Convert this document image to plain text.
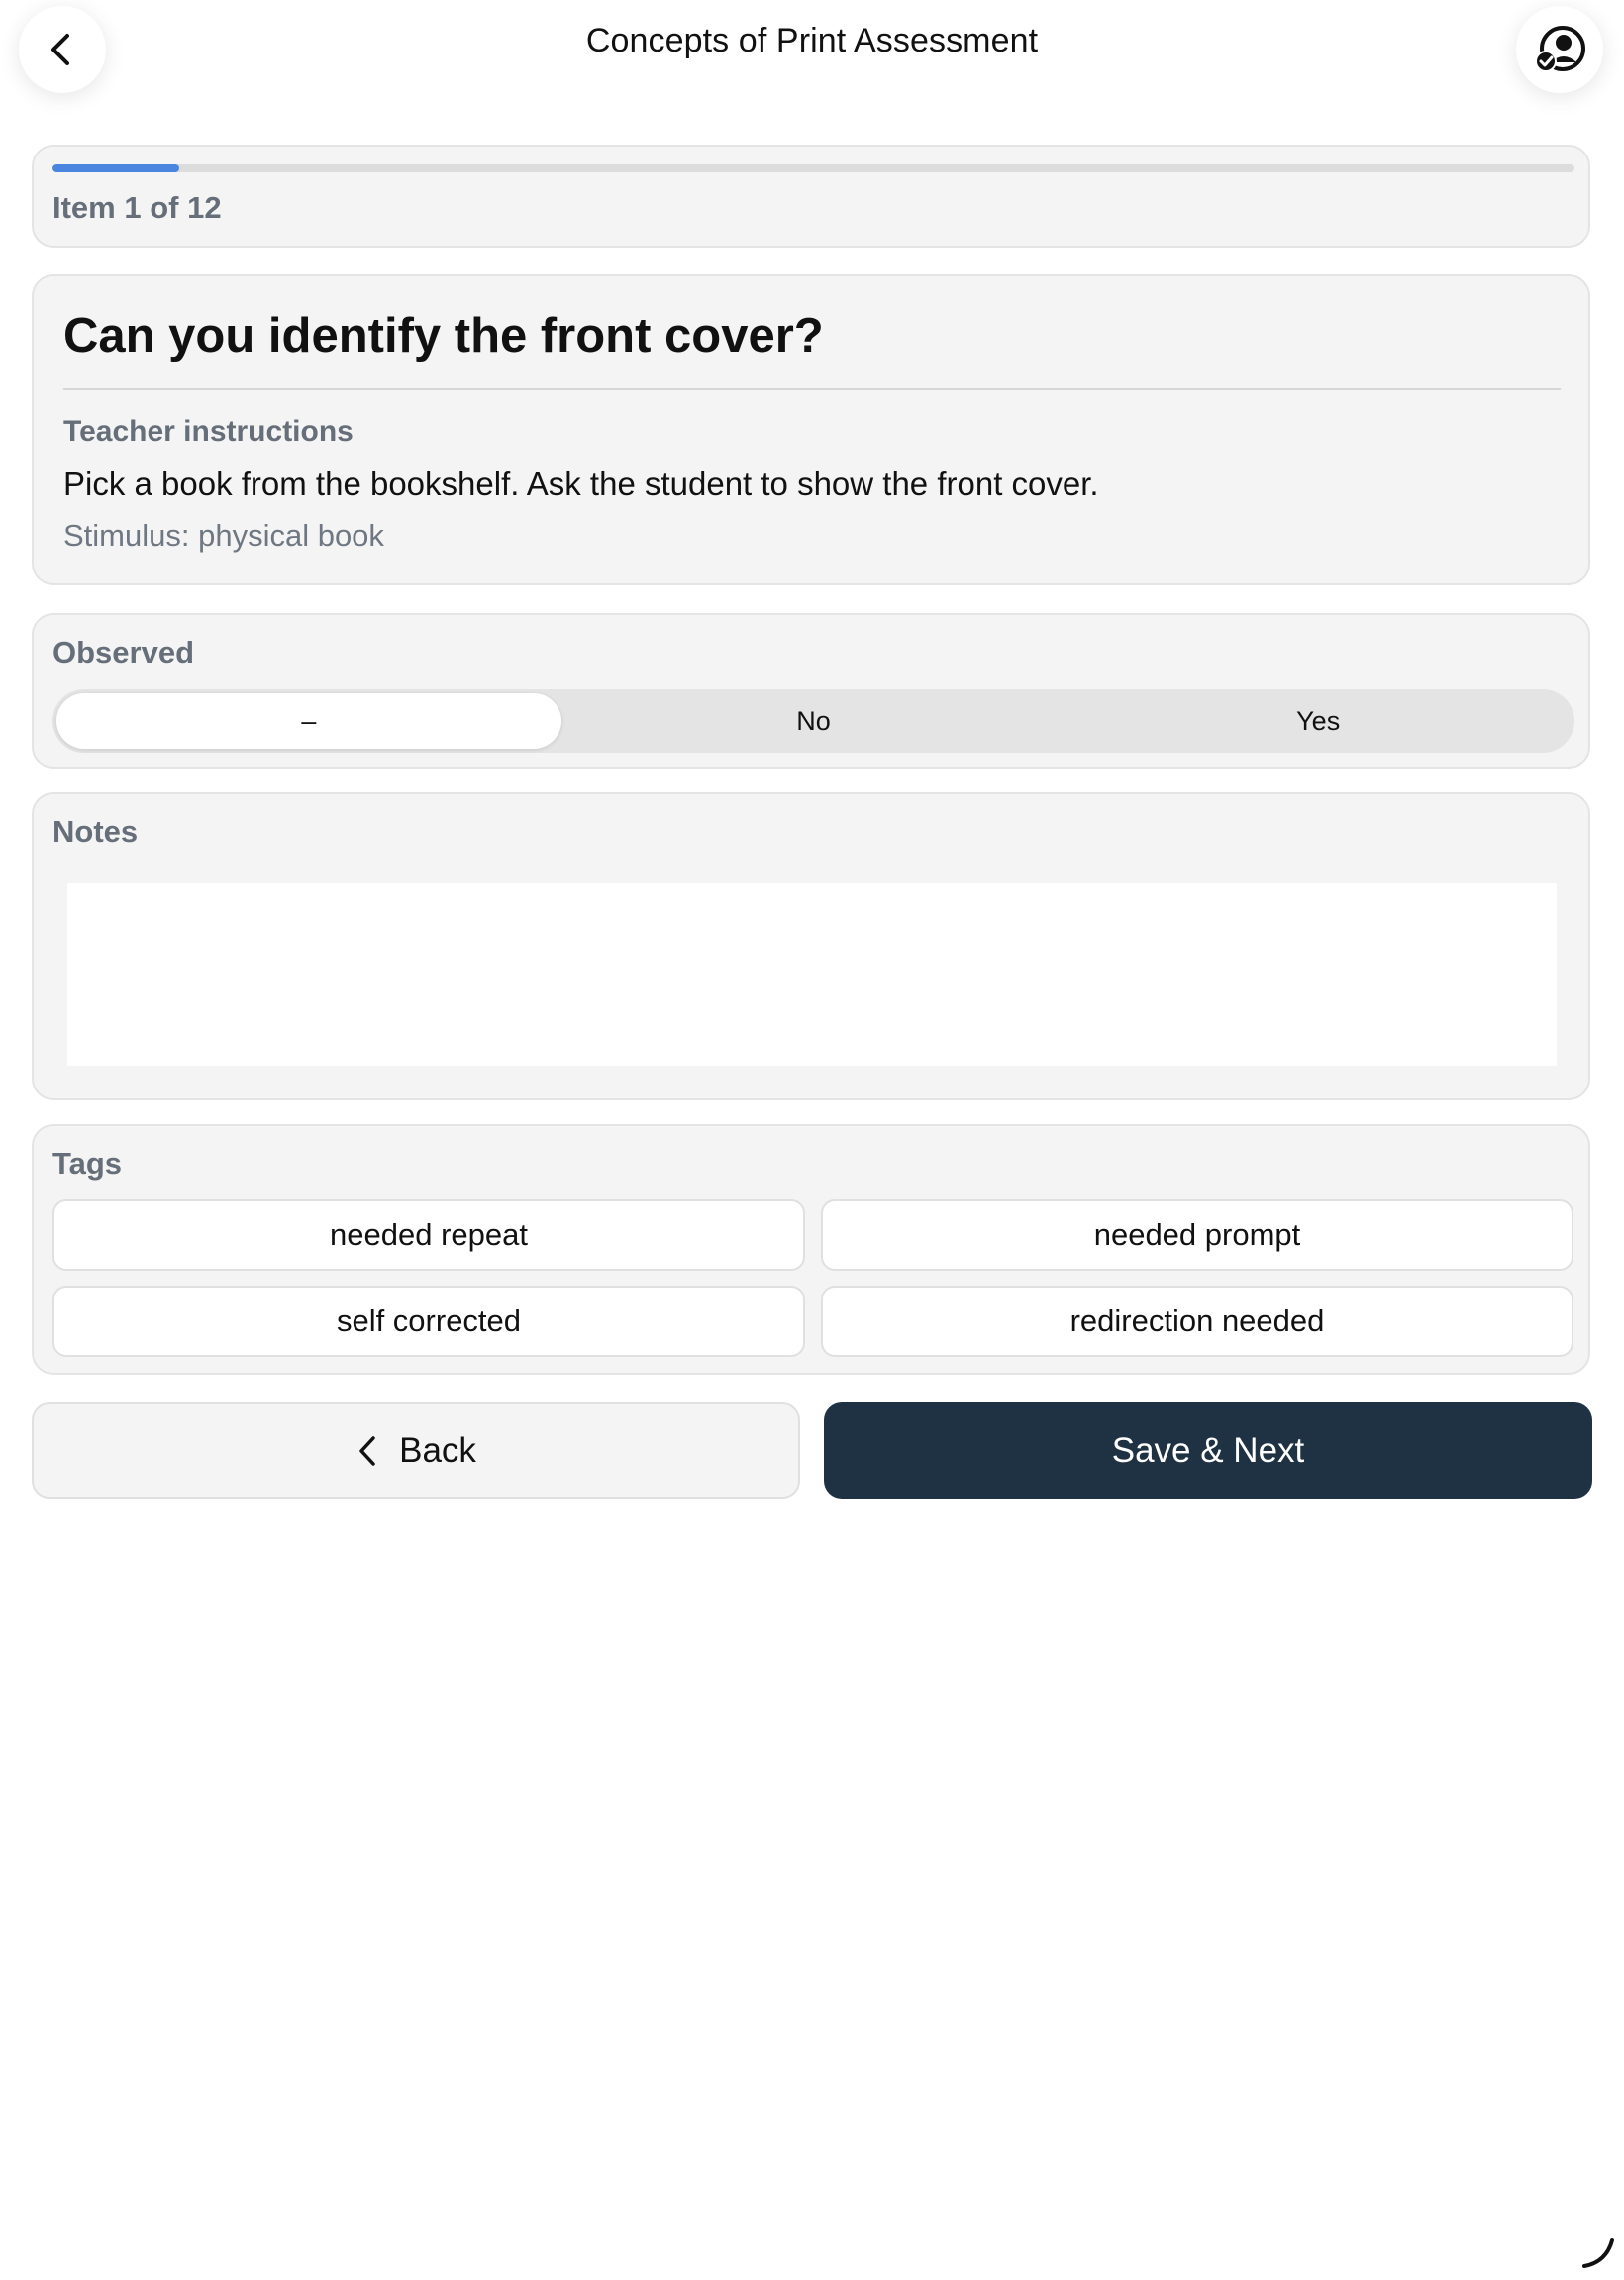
Concepts of Print Assessment
Item 1 of 12
Can you identify the front cover?
Teacher instructions
Pick a book from the bookshelf. Ask the student to show the front cover.
Stimulus: physical book
Observed
–	No	Yes
Notes
Tags
needed repeat	needed prompt
self corrected	redirection needed
Back	Save & Next
